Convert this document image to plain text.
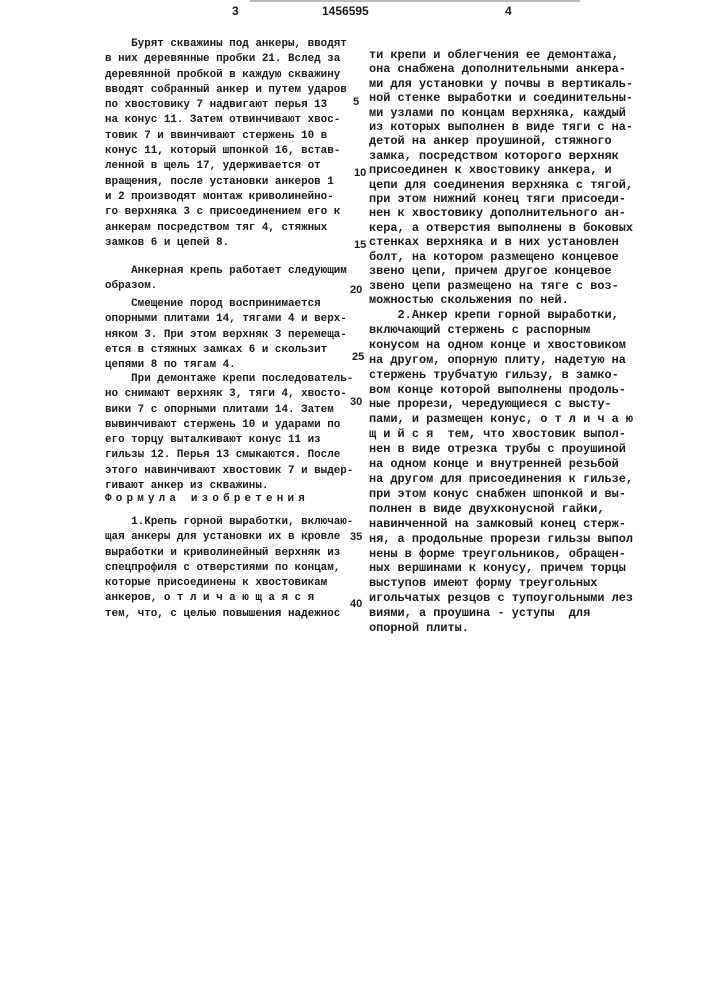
3	1456595	4
Бурят скважины под анкеры, вводят
в них деревянные пробки 21. Вслед за
деревянной пробкой в каждую скважину
вводят собранный анкер и путем ударов
по хвостовику 7 надвигают перья 13
на конус 11. Затем отвинчивают хвос-
товик 7 и ввинчивают стержень 10 в
конус 11, который шпонкой 16, встав-
ленной в щель 17, удерживается от
вращения, после установки анкеров 1
и 2 производят монтаж криволинейно-
го верхняка 3 с присоединением его к
анкерам посредством тяг 4, стяжных
замков 6 и цепей 8.
Анкерная крепь работает следующим
образом.
Смещение пород воспринимается
опорными плитами 14, тягами 4 и верх-
няком 3. При этом верхняк 3 перемеща-
ется в стяжных замках 6 и скользит
цепями 8 по тягам 4.
При демонтаже крепи последователь-
но снимают верхняк 3, тяги 4, хвосто-
вики 7 с опорными плитами 14. Затем
вывинчивают стержень 10 и ударами по
его торцу выталкивают конус 11 из
гильзы 12. Перья 13 смыкаются. После
этого навинчивают хвостовик 7 и выдер-
гивают анкер из скважины.
Формула изобретения
1.Крепь горной выработки, включаю-
щая анкеры для установки их в кровле
выработки и криволинейный верхняк из
спецпрофиля с отверстиями по концам,
которые присоединены к хвостовикам
анкеров, о т л и ч а ю щ а я с я
тем, что, с целью повышения надежнос
ти крепи и облегчения ее демонтажа,
она снабжена дополнительными анкера-
ми для установки у почвы в вертикаль-
ной стенке выработки и соединительны-
ми узлами по концам верхняка, каждый
из которых выполнен в виде тяги с на-
детой на анкер проушиной, стяжного
замка, посредством которого верхняк
присоединен к хвостовику анкера, и
цепи для соединения верхняка с тягой,
при этом нижний конец тяги присоеди-
нен к хвостовику дополнительного ан-
кера, а отверстия выполнены в боковых
стенках верхняка и в них установлен
болт, на котором размещено концевое
звено цепи, причем другое концевое
звено цепи размещено на тяге с воз-
можностью скольжения по ней.
2.Анкер крепи горной выработки,
включающий стержень с распорным
конусом на одном конце и хвостовиком
на другом, опорную плиту, надетую на
стержень трубчатую гильзу, в замко-
вом конце которой выполнены продоль-
ные прорези, чередующиеся с высту-
пами, и размещен конус, о т л и ч а ю
щ и й с я  тем, что хвостовик выпол-
нен в виде отрезка трубы с проушиной
на одном конце и внутренней резьбой
на другом для присоединения к гильзе,
при этом конус снабжен шпонкой и вы-
полнен в виде двухконусной гайки,
навинченной на замковый конец стерж-
ня, а продольные прорези гильзы выпол
нены в форме треугольников, обращен-
ных вершинами к конусу, причем торцы
выступов имеют форму треугольных
игольчатых резцов с тупоугольными лез
виями, а проушина - уступы  для
опорной плиты.
5
10
15
20
25
30
35
40
